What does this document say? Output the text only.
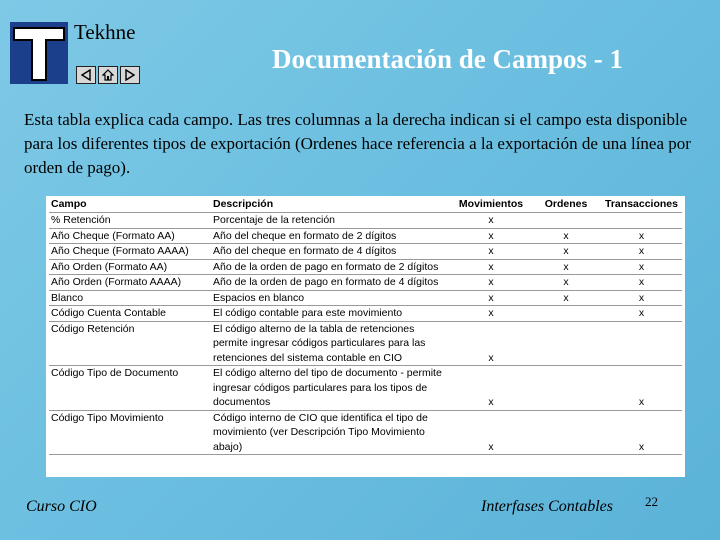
Tekhne
Documentación de Campos - 1
Esta tabla explica cada campo. Las tres columnas a la derecha indican si el campo esta disponible para los diferentes tipos de exportación (Ordenes hace referencia a la exportación de una línea por orden de pago).
Campo	Descripción	Movimientos	Ordenes	Transacciones
% Retención	Porcentaje de la retención	x		
Año Cheque (Formato AA)	Año del cheque en formato de 2 dígitos	x	x	x
Año Cheque (Formato AAAA)	Año del cheque en formato de 4 dígitos	x	x	x
Año Orden (Formato AA)	Año de la orden de pago en formato de 2 dígitos	x	x	x
Año Orden (Formato AAAA)	Año de la orden de pago en formato de 4 dígitos	x	x	x
Blanco	Espacios en blanco	x	x	x
Código Cuenta Contable	El código contable para este movimiento	x		x
Código Retención	El código alterno de la tabla de retenciones permite ingresar códigos particulares para las retenciones del sistema contable en CIO	x		
Código Tipo de Documento	El código alterno del tipo de documento - permite ingresar códigos particulares para los tipos de documentos	x		x
Código Tipo Movimiento	Código interno de CIO que identifica el tipo de movimiento (ver Descripción Tipo Movimiento abajo)	x		x
Curso CIO	Interfases Contables 22
